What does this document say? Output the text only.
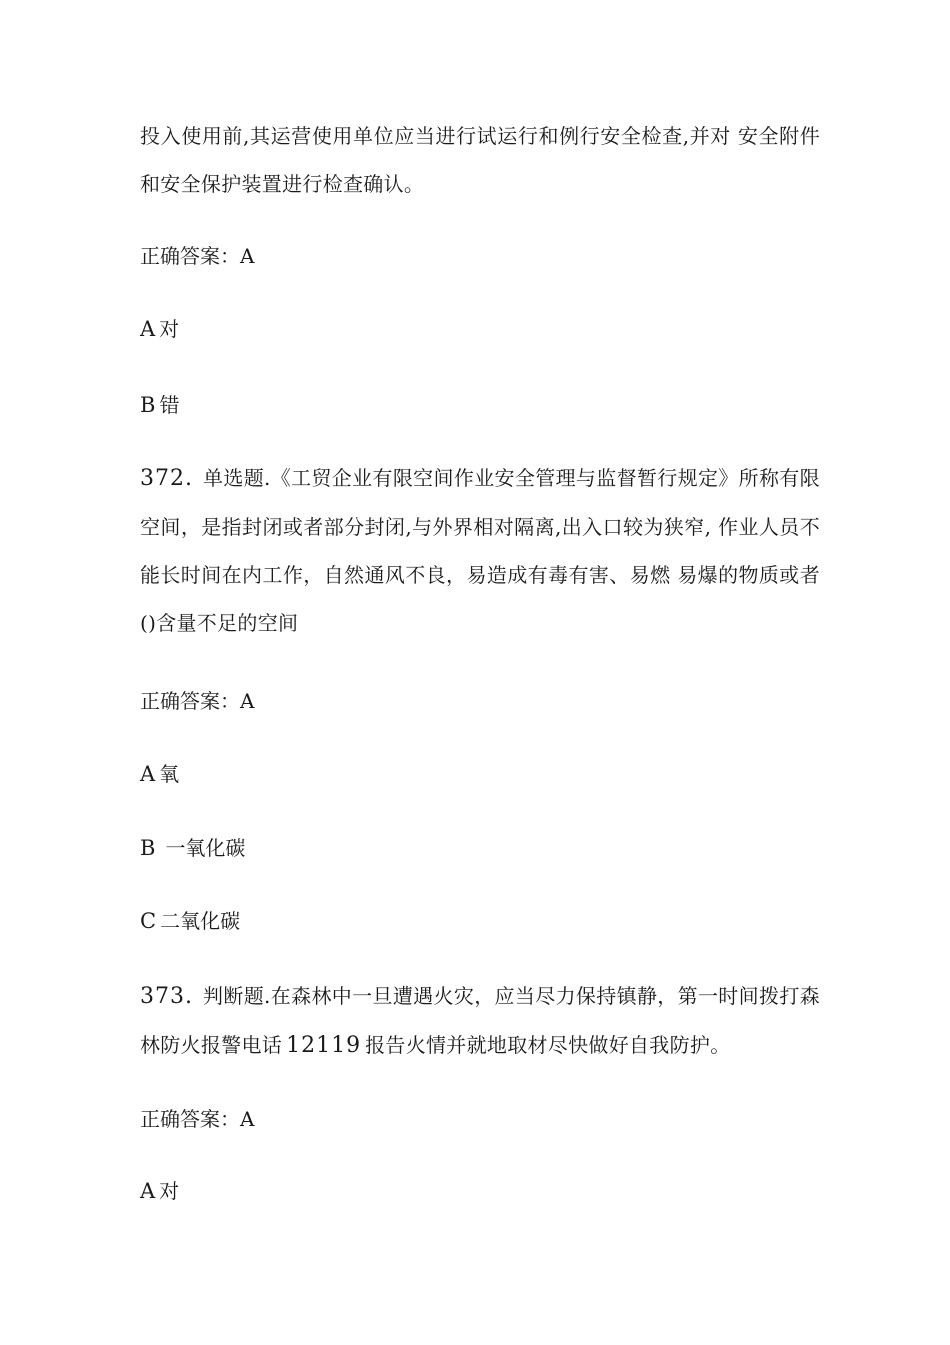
投入使用前,其运营使用单位应当进行试运行和例行安全检查,并对 安全附件和安全保护装置进行检查确认。

正确答案：A
A 对
B 错

372. 单选题.《工贸企业有限空间作业安全管理与监督暂行规定》所称有限空间，是指封闭或者部分封闭,与外界相对隔离,出入口较为狭窄, 作业人员不能长时间在内工作，自然通风不良，易造成有毒有害、易燃 易爆的物质或者()含量不足的空间

正确答案：A
A 氧
B 一氧化碳
C 二氧化碳

373. 判断题.在森林中一旦遭遇火灾，应当尽力保持镇静，第一时间拨打森林防火报警电话 12119 报告火情并就地取材尽快做好自我防护。

正确答案：A
A 对
